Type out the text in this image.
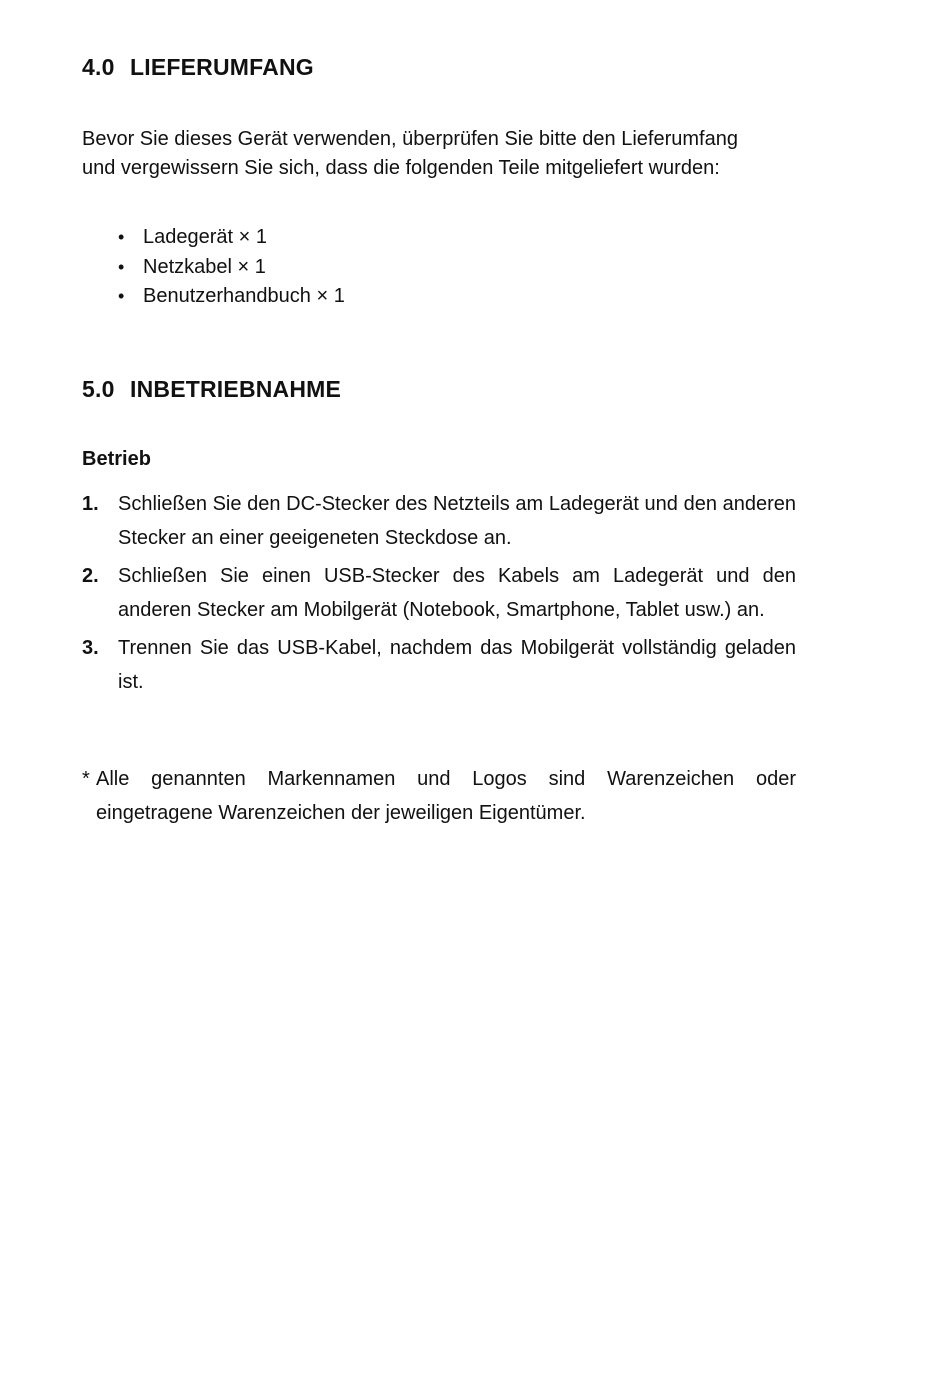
4.0 LIEFERUMFANG
Bevor Sie dieses Gerät verwenden, überprüfen Sie bitte den Lieferumfang
und vergewissern Sie sich, dass die folgenden Teile mitgeliefert wurden:
• Ladegerät × 1
• Netzkabel × 1
• Benutzerhandbuch × 1
5.0 INBETRIEBNAHME
Betrieb
1. Schließen Sie den DC-Stecker des Netzteils am Ladegerät und den anderen Stecker an einer geeigeneten Steckdose an.
2. Schließen Sie einen USB-Stecker des Kabels am Ladegerät und den anderen Stecker am Mobilgerät (Notebook, Smartphone, Tablet usw.) an.
3. Trennen Sie das USB-Kabel, nachdem das Mobilgerät vollständig geladen ist.
* Alle genannten Markennamen und Logos sind Warenzeichen oder eingetragene Warenzeichen der jeweiligen Eigentümer.
